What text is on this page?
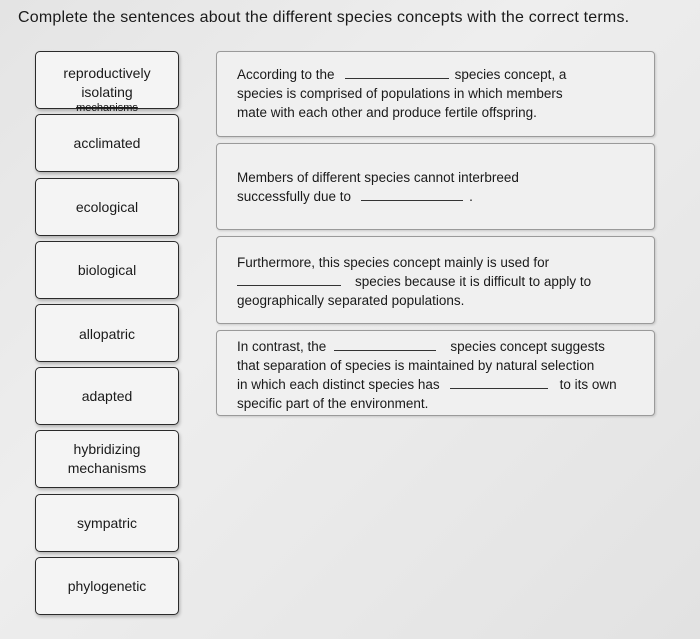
Complete the sentences about the different species concepts with the correct terms.
reproductively
isolating
mechanisms
acclimated
ecological
biological
allopatric
adapted
hybridizing
mechanisms
sympatric
phylogenetic
According to the	species concept, a
species is comprised of populations in which members
mate with each other and produce fertile offspring.
Members of different species cannot interbreed
successfully due to	.
Furthermore, this species concept mainly is used for
species because it is difficult to apply to
geographically separated populations.
In contrast, the	species concept suggests
that separation of species is maintained by natural selection
in which each distinct species has	to its own
specific part of the environment.
